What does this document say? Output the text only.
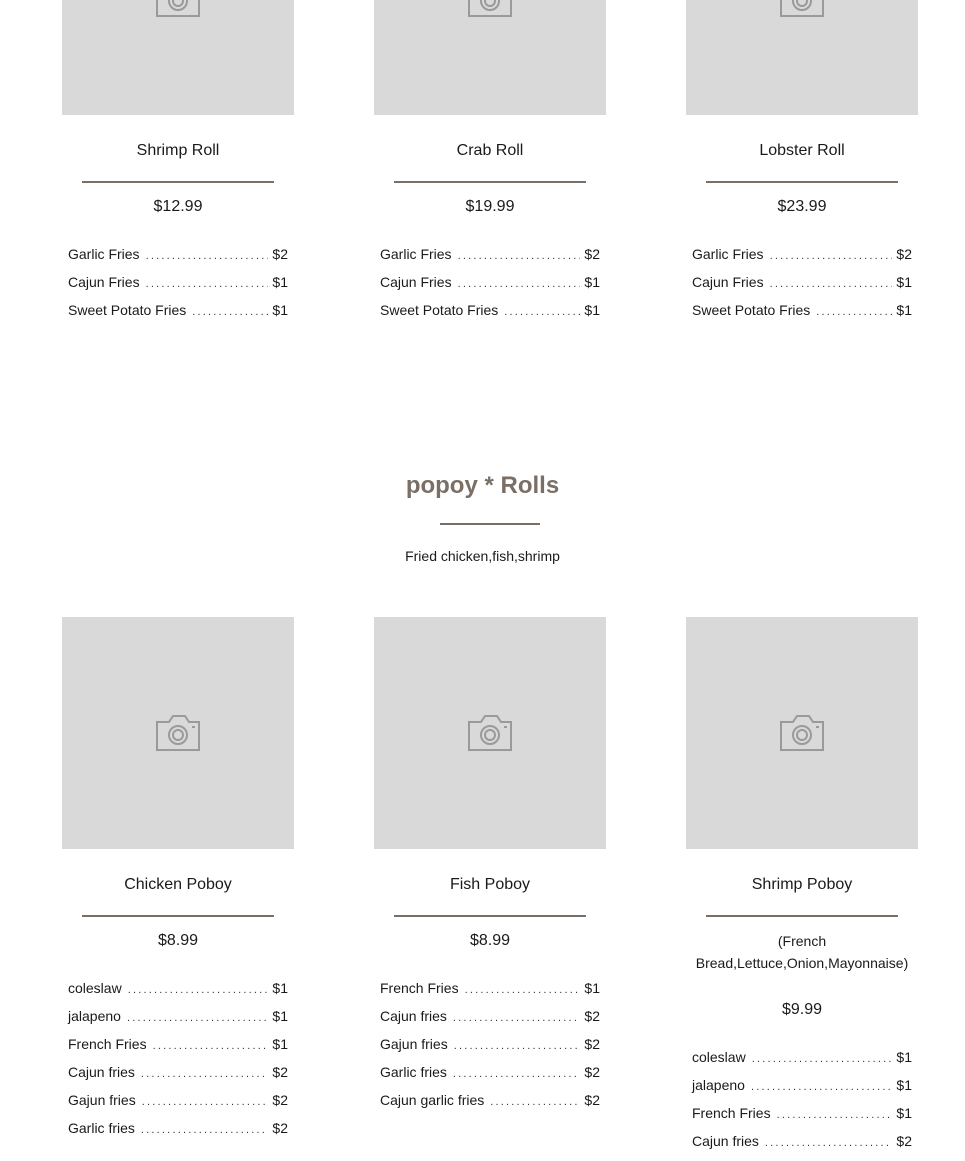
Shrimp Roll
$12.99
Garlic Fries .....	$2
Cajun Fries .....	$1
Sweet Potato Fries .....	$1
Crab Roll
$19.99
Garlic Fries .....	$2
Cajun Fries .....	$1
Sweet Potato Fries .....	$1
Lobster Roll
$23.99
Garlic Fries .....	$2
Cajun Fries .....	$1
Sweet Potato Fries .....	$1
popoy * Rolls
Fried chicken,fish,shrimp
Chicken Poboy
$8.99
coleslaw .....	$1
jalapeno .....	$1
French Fries .....	$1
Cajun fries .....	$2
Gajun fries .....	$2
Garlic fries .....	$2
Fish Poboy
$8.99
French Fries .....	$1
Cajun fries .....	$2
Gajun fries .....	$2
Garlic fries .....	$2
Cajun garlic fries .....	$2
Shrimp Poboy
(French Bread,Lettuce,Onion,Mayonnaise)
$9.99
coleslaw .....	$1
jalapeno .....	$1
French Fries .....	$1
Cajun fries .....	$2
